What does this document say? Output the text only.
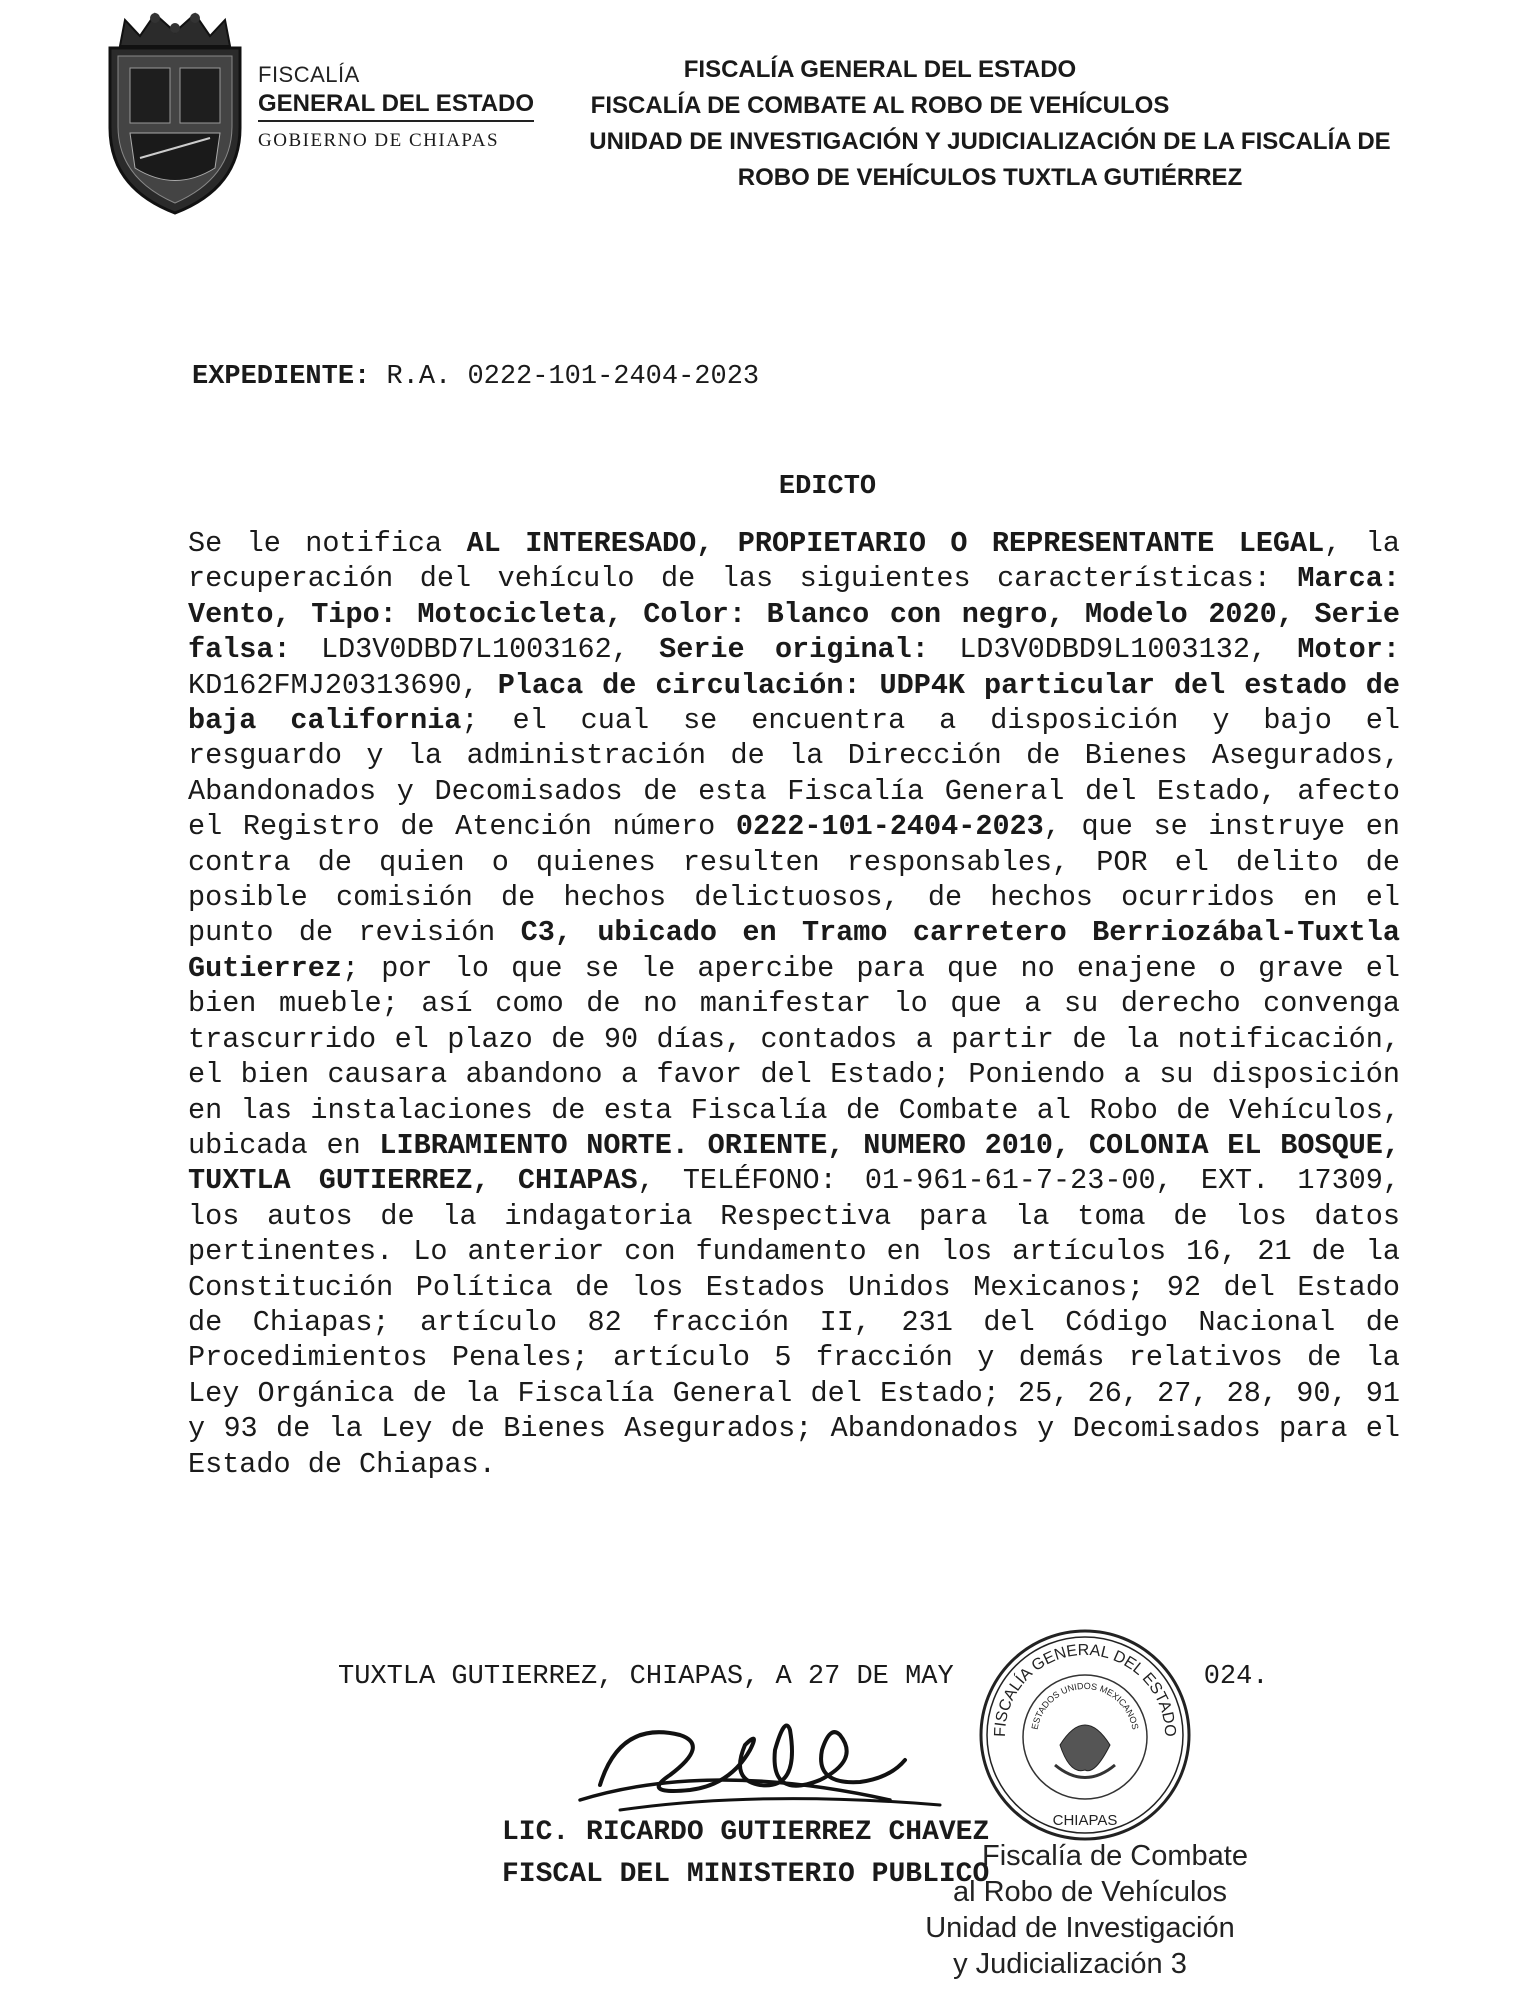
FISCALÍA
GENERAL DEL ESTADO
GOBIERNO DE CHIAPAS
FISCALÍA GENERAL DEL ESTADO
FISCALÍA DE COMBATE AL ROBO DE VEHÍCULOS
UNIDAD DE INVESTIGACIÓN Y JUDICIALIZACIÓN DE LA FISCALÍA DE
ROBO DE VEHÍCULOS TUXTLA GUTIÉRREZ
EXPEDIENTE: R.A. 0222-101-2404-2023
EDICTO
Se le notifica AL INTERESADO, PROPIETARIO O REPRESENTANTE LEGAL, la recuperación del vehículo de las siguientes características: Marca: Vento, Tipo: Motocicleta, Color: Blanco con negro, Modelo 2020, Serie falsa: LD3V0DBD7L1003162, Serie original: LD3V0DBD9L1003132, Motor: KD162FMJ20313690, Placa de circulación: UDP4K particular del estado de baja california; el cual se encuentra a disposición y bajo el resguardo y la administración de la Dirección de Bienes Asegurados, Abandonados y Decomisados de esta Fiscalía General del Estado, afecto el Registro de Atención número 0222-101-2404-2023, que se instruye en contra de quien o quienes resulten responsables, POR el delito de posible comisión de hechos delictuosos, de hechos ocurridos en el punto de revisión C3, ubicado en Tramo carretero Berriozábal-Tuxtla Gutierrez; por lo que se le apercibe para que no enajene o grave el bien mueble; así como de no manifestar lo que a su derecho convenga trascurrido el plazo de 90 días, contados a partir de la notificación, el bien causara abandono a favor del Estado; Poniendo a su disposición en las instalaciones de esta Fiscalía de Combate al Robo de Vehículos, ubicada en LIBRAMIENTO NORTE. ORIENTE, NUMERO 2010, COLONIA EL BOSQUE, TUXTLA GUTIERREZ, CHIAPAS, TELÉFONO: 01-961-61-7-23-00, EXT. 17309, los autos de la indagatoria Respectiva para la toma de los datos pertinentes. Lo anterior con fundamento en los artículos 16, 21 de la Constitución Política de los Estados Unidos Mexicanos; 92 del Estado de Chiapas; artículo 82 fracción II, 231 del Código Nacional de Procedimientos Penales; artículo 5 fracción y demás relativos de la Ley Orgánica de la Fiscalía General del Estado; 25, 26, 27, 28, 90, 91 y 93 de la Ley de Bienes Asegurados; Abandonados y Decomisados para el Estado de Chiapas.
TUXTLA GUTIERREZ, CHIAPAS, A 27 DE MAY	024.
LIC. RICARDO GUTIERREZ CHAVEZ
FISCAL DEL MINISTERIO PUBLICO
FISCALÍA GENERAL DEL ESTADO
ESTADOS UNIDOS MEXICANOS
CHIAPAS
Fiscalía de Combate
al Robo de Vehículos
Unidad de Investigación
y Judicialización 3
